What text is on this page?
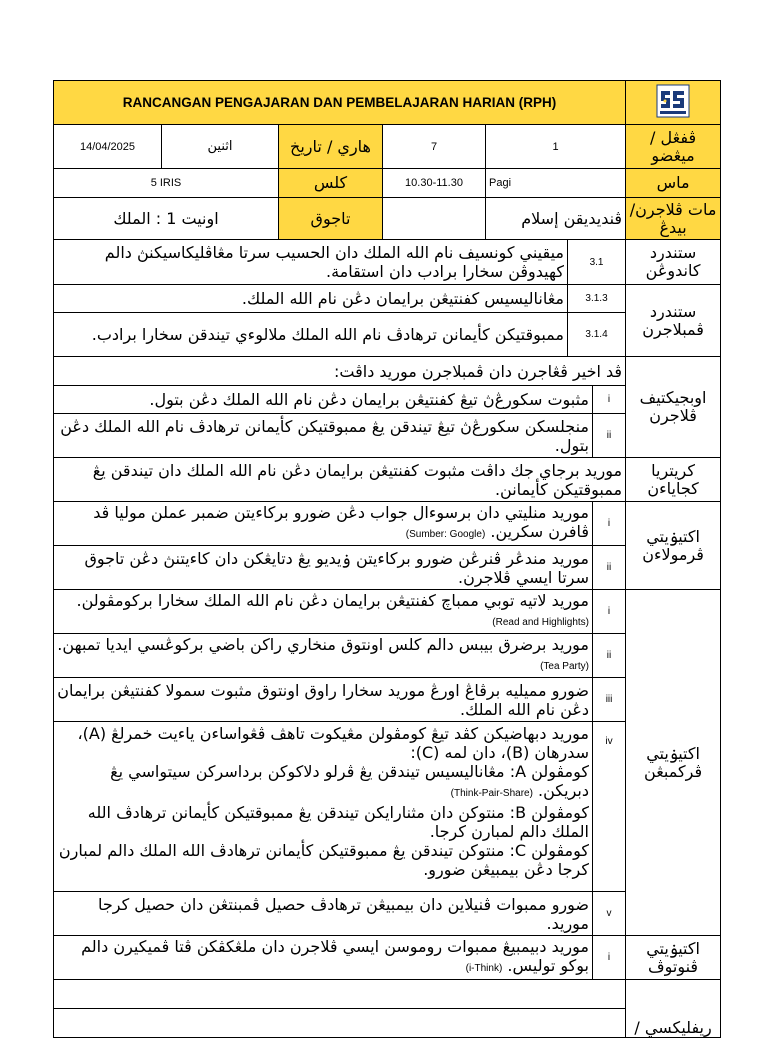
RANCANGAN PENGAJARAN DAN PEMBELAJARAN HARIAN (RPH)	
14/04/2025	اثنين	هاري / تاريخ	7	1			ڤفڠل / ميڠضو
5 IRIS		كلس	10.30-11.30	Pagi			ماس
اونيت 1 : الملك		تاجوق		ڤنديديقن إسلام			مات ڤلاجرن/ بيدڠ
ميقيني كونسيف نام الله الملك دان الحسيب سرتا مڠاڤليكاسيكنڽ دالم كهيدوڤن سخارا برادب دان استقامة.					3.1		ستندرد كاندوڠن
مڠاناليسيس كفنتيڠن برايمان دڠن نام الله الملك.					3.1.3		ستندرد ڤمبلاجرن
ممبوقتيكن كأيمانن ترهادڤ نام الله الملك ملالوءي تيندقن سخارا برادب.					3.1.4		
ڤد اخير ڤڠاجرن دان ڤمبلاجرن موريد داڤت:							اوبجيكتيف ڤلاجرن
مثبوت سكورڠ‌ڽ تيڠ كفنتيڠن برايمان دڠن نام الله الملك دڠن بتول.						i	
منجلسكن سكورڠ‌ڽ تيڠ تيندقن يڠ ممبوقتيكن كأيمانن ترهادڤ نام الله الملك دڠن بتول.						ii	
موريد برجاي جك داڤت مثبوت كفنتيڠن برايمان دڠن نام الله الملك دان تيندقن يڠ ممبوقتيكن كأيمانن.							كريتريا كجاياءن
موريد منليتي دان برسوءال جواب دڠن ضورو بركاءيتن ضمبر عملن موليا ڤد ڤافرن سكرين. (Sumber: Google)						i	اكتيۏيتي ڤرمولاءن
موريد مندڠر ڤنرڠن ضورو بركاءيتن ۏيديو يڠ دتايڠكن دان كاءيتنڽ دڠن تاجوق سرتا ايسي ڤلاجرن.						ii	
موريد لاتيه توبي ممباچ كفنتيڠن برايمان دڠن نام الله الملك سخارا بركومڤولن. (Read and Highlights)						i	اكتيۏيتي ڤركمبڠن
موريد برضرق بيبس دالم كلس اونتوق منخاري راكن باضي بركوڠسي ايديا تمبهن. (Tea Party)						ii	
ضورو مميليه برڤاڠ اورڠ موريد سخارا راوق اونتوق مثبوت سمولا كفنتيڠن برايمان دڠن نام الله الملك.						iii	

موريد دبهاضيكن كڤد تيڠ كومڤولن مڠيكوت تاهڤ ڤڠواساءن ياءيت خمرلڠ (A)، سدرهان (B)، دان لمه (C):
كومڤولن A: مڠاناليسيس تيندقن يڠ ڤرلو دلاكوكن برداسركن سيتواسي يڠ دبريكن. (Think-Pair-Share)
كومڤولن B: منتوكن دان مثنارايكن تيندقن يڠ ممبوقتيكن كأيمانن ترهادڤ الله الملك دالم لمبارن كرجا.
كومڤولن C: منتوكن تيندقن يڠ ممبوقتيكن كأيمانن ترهادڤ الله الملك دالم لمبارن كرجا دڠن بيمبيڠن ضورو.						iv	
ضورو ممبوات ڤنيلاين دان بيمبيڠن ترهادڤ حصيل ڤمبنتڠن دان حصيل كرجا موريد.						v	
موريد دبيمبيڠ ممبوات روموسن ايسي ڤلاجرن دان ملڠكڤكن ڤتا ڤميكيرن دالم بوكو توليس. (i-Think)						i	اكتيۏيتي ڤنوتوڤ
							ريفليكسي /
